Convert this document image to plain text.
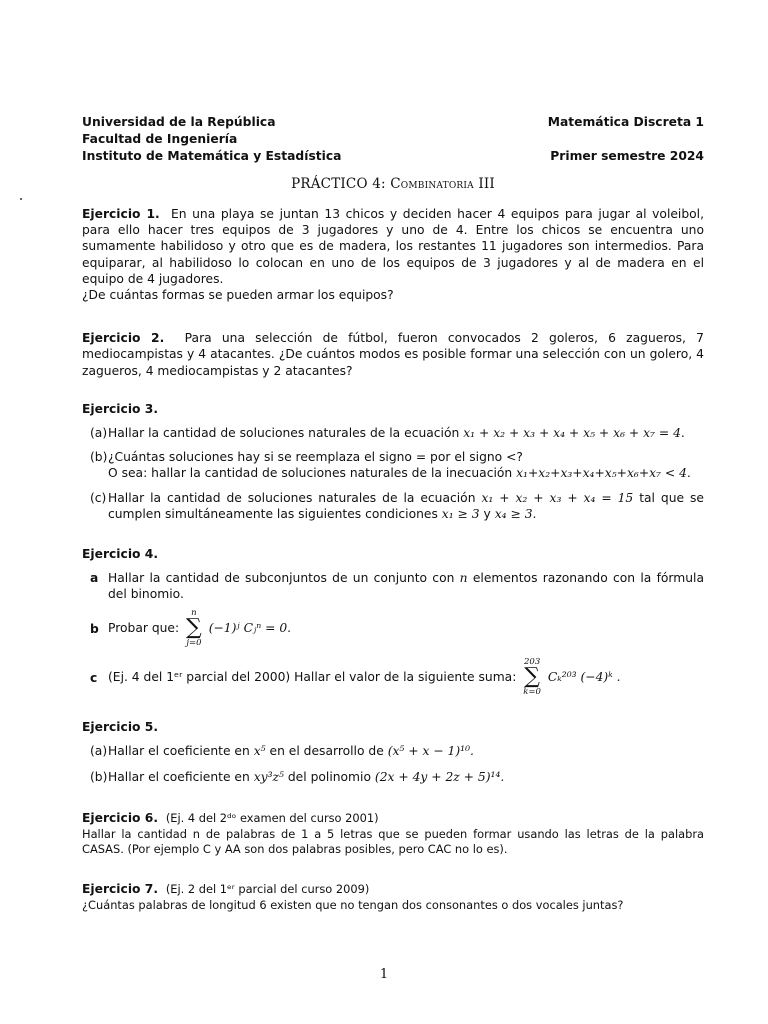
Universidad de la República
Facultad de Ingeniería
Instituto de Matemática y Estadística
Matemática Discreta 1
Primer semestre 2024
PRÁCTICO 4: Combinatoria III
Ejercicio 1. En una playa se juntan 13 chicos y deciden hacer 4 equipos para jugar al voleibol, para ello hacer tres equipos de 3 jugadores y uno de 4. Entre los chicos se encuentra uno sumamente habilidoso y otro que es de madera, los restantes 11 jugadores son intermedios. Para equiparar, al habilidoso lo colocan en uno de los equipos de 3 jugadores y al de madera en el equipo de 4 jugadores.
¿De cuántas formas se pueden armar los equipos?
Ejercicio 2. Para una selección de fútbol, fueron convocados 2 goleros, 6 zagueros, 7 mediocampistas y 4 atacantes. ¿De cuántos modos es posible formar una selección con un golero, 4 zagueros, 4 mediocampistas y 2 atacantes?
Ejercicio 3.
(a) Hallar la cantidad de soluciones naturales de la ecuación x₁ + x₂ + x₃ + x₄ + x₅ + x₆ + x₇ = 4.
(b) ¿Cuántas soluciones hay si se reemplaza el signo = por el signo <?
O sea: hallar la cantidad de soluciones naturales de la inecuación x₁+x₂+x₃+x₄+x₅+x₆+x₇ < 4.
(c) Hallar la cantidad de soluciones naturales de la ecuación x₁ + x₂ + x₃ + x₄ = 15 tal que se cumplen simultáneamente las siguientes condiciones x₁ ≥ 3 y x₄ ≥ 3.
Ejercicio 4.
a Hallar la cantidad de subconjuntos de un conjunto con n elementos razonando con la fórmula del binomio.
b Probar que:
n
∑
j=0
(−1)ʲ Cⱼⁿ = 0.
c (Ej. 4 del 1ᵉʳ parcial del 2000) Hallar el valor de la siguiente suma:
203
∑
k=0
Cₖ²⁰³ (−4)ᵏ .
Ejercicio 5.
(a) Hallar el coeficiente en x⁵ en el desarrollo de (x⁵ + x − 1)¹⁰.
(b) Hallar el coeficiente en xy³z⁵ del polinomio (2x + 4y + 2z + 5)¹⁴.
Ejercicio 6. (Ej. 4 del 2ᵈᵒ examen del curso 2001)
Hallar la cantidad n de palabras de 1 a 5 letras que se pueden formar usando las letras de la palabra CASAS. (Por ejemplo C y AA son dos palabras posibles, pero CAC no lo es).
Ejercicio 7. (Ej. 2 del 1ᵉʳ parcial del curso 2009)
¿Cuántas palabras de longitud 6 existen que no tengan dos consonantes o dos vocales juntas?
1
